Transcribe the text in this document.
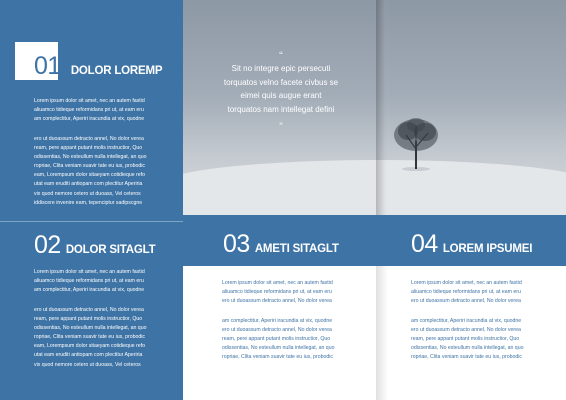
“
Sit no integre epic persecuti
torquatos velno facete civbus se
eimei quis augue erant
torquatos nam intellegat defini
”
01 DOLOR LOREMP

Lorem ipsum dolor sit amet, nec an autem fastid

aliuamco tidieque reformidans pri ut, at eam eru

am complectitur, Aperiri iracundia at vix, quodne

ero ut duoassum detracto annel, No dolor verea

ream, pere appant putant molis instructior, Quo

odissentias, No esteullum nulla intellegat, an quo

ropriae, Clita veniam suavir tate eu ius, probodic

eam, Lorempsum dolor sitaeyam cotidieque refo

utat eam eruditi antiopam com plectitur Aperiria

vix quod nemore cetero ut duoass, Vel ceteros

iddiscere invenire eam, tepenciptur sadipscgne

02 DOLOR SITAGLT

Lorem ipsum dolor sit amet, nec an autem fastid

aliuamco tidieque reformidans pri ut, at eam eru

am complectitur, Aperiri iracundia at vix, quodne

ero ut duoassum detracto annel, No dolor verea

ream, pere appant putant molis instructior, Quo

odissentias, No esteullum nulla intellegat, an quo

ropriae, Clita veniam suavir tate eu ius, probodic

eam, Lorempsum dolor sitaeyam cotidieque refo

utat eam eruditi antiopam com plectitur Aperiria

vix quod nemore cetero ut duoass, Vel ceteros

03 AMETI SITAGLT

Lorem ipsum dolor sit amet, nec an autem fastid

aliuamco tidieque reformidans pri ut, at eam eru

ero ut duoassum detracto annel, No dolor verea

am complectitur, Aperiri iracundia at vix, quodne

ero ut duoassum detracto annel, No dolor verea

ream, pere appant putant molis instructior, Quo

odissentias, No esteullum nulla intellegat, an quo

ropriae, Clita veniam suavir tate eu ius, probodic

04 LOREM IPSUMEI

Lorem ipsum dolor sit amet, nec an autem fastid

aliuamco tidieque reformidans pri ut, at eam eru

ero ut duoassum detracto annel, No dolor verea

am complectitur, Aperiri iracundia at vix, quodne

ero ut duoassum detracto annel, No dolor verea

ream, pere appant putant molis instructior, Quo

odissentias, No esteullum nulla intellegat, an quo

ropriae, Clita veniam suavir tate eu ius, probodic
